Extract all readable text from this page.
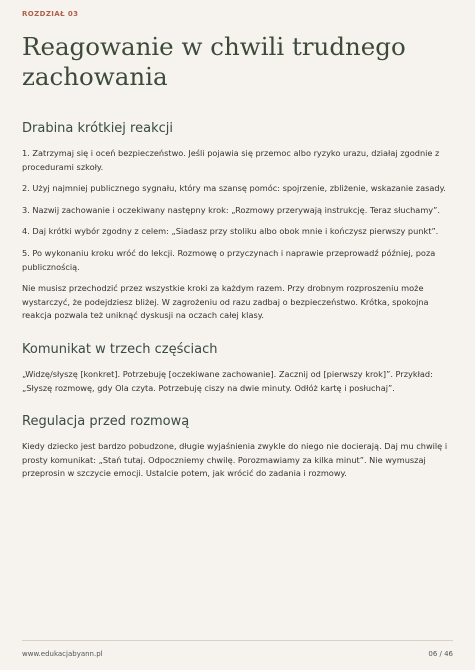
ROZDZIAŁ 03
Reagowanie w chwili trudnego zachowania
Drabina krótkiej reakcji

1. Zatrzymaj się i oceń bezpieczeństwo. Jeśli pojawia się przemoc albo ryzyko urazu, działaj zgodnie z procedurami szkoły.

2. Użyj najmniej publicznego sygnału, który ma szansę pomóc: spojrzenie, zbliżenie, wskazanie zasady.

3. Nazwij zachowanie i oczekiwany następny krok: „Rozmowy przerywają instrukcję. Teraz słuchamy”.

4. Daj krótki wybór zgodny z celem: „Siadasz przy stoliku albo obok mnie i kończysz pierwszy punkt”.

5. Po wykonaniu kroku wróć do lekcji. Rozmowę o przyczynach i naprawie przeprowadź później, poza publicznością.

Nie musisz przechodzić przez wszystkie kroki za każdym razem. Przy drobnym rozproszeniu może wystarczyć, że podejdziesz bliżej. W zagrożeniu od razu zadbaj o bezpieczeństwo. Krótka, spokojna reakcja pozwala też uniknąć dyskusji na oczach całej klasy.

Komunikat w trzech częściach

„Widzę/słyszę [konkret]. Potrzebuję [oczekiwane zachowanie]. Zacznij od [pierwszy krok]”. Przykład: „Słyszę rozmowę, gdy Ola czyta. Potrzebuję ciszy na dwie minuty. Odłóż kartę i posłuchaj”.

Regulacja przed rozmową

Kiedy dziecko jest bardzo pobudzone, długie wyjaśnienia zwykle do niego nie docierają. Daj mu chwilę i prosty komunikat: „Stań tutaj. Odpoczniemy chwilę. Porozmawiamy za kilka minut”. Nie wymuszaj przeprosin w szczycie emocji. Ustalcie potem, jak wrócić do zadania i rozmowy.

www.edukacjabyann.pl	06 / 46
